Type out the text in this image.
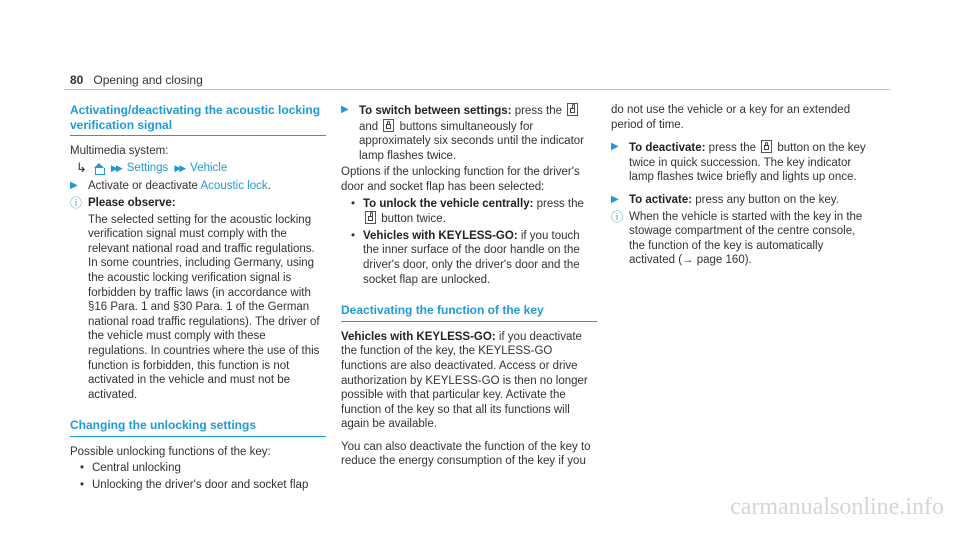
80 Opening and closing
Activating/deactivating the acoustic locking verification signal

Multimedia system:

↳	▶▶ Settings ▶▶ Vehicle

▶ Activate or deactivate Acoustic lock.

ⓘ Please observe:

The selected setting for the acoustic locking verification signal must comply with the relevant national road and traffic regulations. In some countries, including Germany, using the acoustic locking verification signal is forbidden by traffic laws (in accordance with §16 Para. 1 and §30 Para. 1 of the German national road traffic regulations). The driver of the vehicle must comply with these regulations. In countries where the use of this function is forbidden, this function is not activated in the vehicle and must not be activated.

Changing the unlocking settings

Possible unlocking functions of the key:

• Central unlocking
• Unlocking the driver's door and socket flap

▶ To switch between settings: press the
and
buttons simultaneously for approximately six seconds until the indicator lamp flashes twice.

Options if the unlocking function for the driver's door and socket flap has been selected:

• To unlock the vehicle centrally: press the
button twice.
• Vehicles with KEYLESS-GO: if you touch the inner surface of the door handle on the driver's door, only the driver's door and the socket flap are unlocked.
Deactivating the function of the key

Vehicles with KEYLESS-GO: if you deactivate the function of the key, the KEYLESS-GO functions are also deactivated. Access or drive authorization by KEYLESS-GO is then no longer possible with that particular key. Activate the function of the key so that all its functions will again be available.

You can also deactivate the function of the key to reduce the energy consumption of the key if you

do not use the vehicle or a key for an extended period of time.

▶ To deactivate: press the
button on the key twice in quick succession. The key indicator lamp flashes twice briefly and lights up once.

▶ To activate: press any button on the key.

ⓘ When the vehicle is started with the key in the stowage compartment of the centre console, the function of the key is automatically activated (→ page 160).

carmanualsonline.info
